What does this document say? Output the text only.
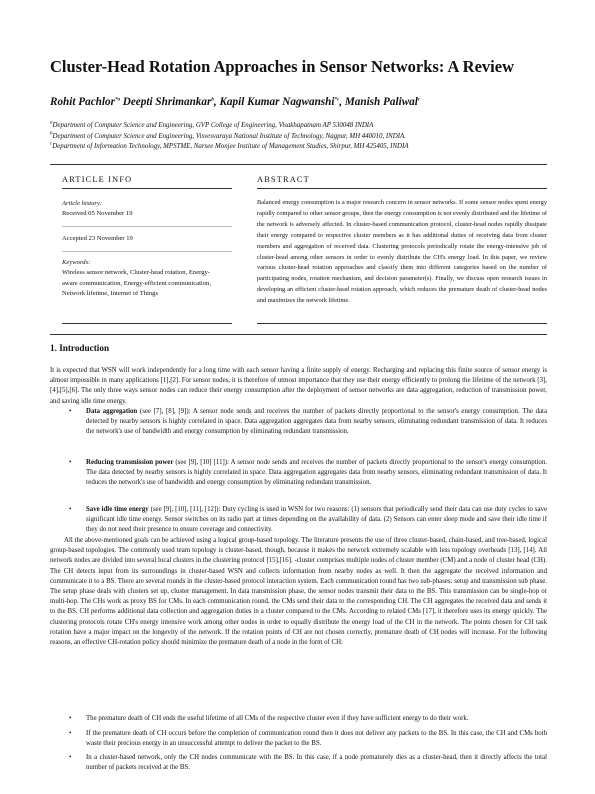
Cluster-Head Rotation Approaches in Sensor Networks: A Review
Rohit Pachlor$^{*a}$ Deepti Shrimankar$^b$, Kapil Kumar Nagwanshi$^{*c}$, Manish Paliwal$^c$
$^a$Department of Computer Science and Engineering, GVP College of Engineering, Visakhapatnam AP 530048 INDIA
$^b$Department of Computer Science and Engineering, Visvesvaraya National Institute of Technology, Nagpur, MH 440010, INDIA.
$^c$Department of Information Technology, MPSTME, Narsee Monjee Institute of Management Studies, Shirpur, MH 425405, INDIA
ARTICLE INFO	ABSTRACT
Article history:
Received 05 November 19
Accepted 23 November 19
Keywords:
Wireless sensor network, Cluster-head rotation, Energy-aware communication, Energy-efficient communication, Network lifetime, Internet of Things
Balanced energy consumption is a major research concern in sensor networks. If some sensor nodes spent energy rapidly compared to other sensor groups, then the energy consumption is not evenly distributed and the lifetime of the network is adversely affected. In cluster-based communication protocol, cluster-head nodes rapidly dissipate their energy compared to respective cluster members as it has additional duties of receiving data from cluster members and aggregation of received data. Clustering protocols periodically rotate the energy-intensive job of cluster-head among other sensors in order to evenly distribute the CH's energy load. In this paper, we review various cluster-head rotation approaches and classify them into different categories based on the number of participating nodes, rotation mechanism, and decision parameter(s). Finally, we discuss open research issues in developing an efficient cluster-head rotation approach, which reduces the premature death of cluster-head nodes and maximizes the network lifetime.
1. Introduction
It is expected that WSN will work independently for a long time with each sensor having a finite supply of energy. Recharging and replacing this finite source of sensor energy is almost impossible in many applications [1],[2]. For sensor nodes, it is therefore of utmost importance that they use their energy efficiently to prolong the lifetime of the network [3],[4],[5],[6]. The only three ways sensor nodes can reduce their energy consumption after the deployment of sensor networks are data aggregation, reduction of transmission power, and saving idle time energy.
• Data aggregation (see [7], [8], [9]): A sensor node sends and receives the number of packets directly proportional to the sensor's energy consumption. The data detected by nearby sensors is highly correlated in space. Data aggregation aggregates data from nearby sensors, eliminating redundant transmission of data. It reduces the network's use of bandwidth and energy consumption by eliminating redundant transmission.
• Reducing transmission power (see [9], [10] [11]): A sensor node sends and receives the number of packets directly proportional to the sensor's energy consumption. The data detected by nearby sensors is highly correlated in space. Data aggregation aggregates data from nearby sensors, eliminating redundant transmission of data. It reduces the network's use of bandwidth and energy consumption by eliminating redundant transmission.
• Save idle time energy (see [9], [10], [11], [12]): Duty cycling is used in WSN for two reasons: (1) sensors that periodically send their data can use duty cycles to save significant idle time energy. Sensor switches on its radio part at times depending on the availability of data. (2) Sensors can enter sleep mode and save their idle time if they do not need their presence to ensure coverage and connectivity.
All the above-mentioned goals can be achieved using a logical group-based topology. The literature presents the use of three cluster-based, chain-based, and tree-based, logical group-based topologies. The commonly used team topology is cluster-based, though, because it makes the network extremely scalable with less topology overheads [13], [14]. All network nodes are divided into several local clusters in the clustering protocol [15],[16]. -cluster comprises multiple nodes of cluster member (CM) and a node of cluster head (CH). The CH detects input from its surroundings in cluster-based WSN and collects information from nearby nodes as well. It then the aggregate the received information and communicate it to a BS. There are several rounds in the cluster-based protocol interaction system. Each communication round has two sub-phases: setup and transmission sub phase. The setup phase deals with clusters set up, cluster management. In data transmission phase, the sensor nodes transmit their data to the BS. This transmission can be single-hop or multi-hop. The CHs work as proxy BS for CMs. In each communication round, the CMs send their data to the corresponding CH. The CH aggregates the received data and sends it to the BS. CH performs additional data collection and aggregation duties in a cluster compared to the CMs. According to related CMs [17], it therefore uses its energy quickly. The clustering protocols rotate CH's energy intensive work among other nodes in order to equally distribute the energy load of the CH in the network. The points chosen for CH task rotation have a major impact on the longevity of the network. If the rotation points of CH are not chosen correctly, premature death of CH nodes will increase. For the following reasons, an effective CH-rotation policy should minimize the premature death of a node in the form of CH:
• The premature death of CH ends the useful lifetime of all CMs of the respective cluster even if they have sufficient energy to do their work.
• If the premature death of CH occurs before the completion of communication round then it does not deliver any packets to the BS. In this case, the CH and CMs both waste their precious energy in an unsuccessful attempt to deliver the packet to the BS.
• In a cluster-based network, only the CH nodes communicate with the BS. In this case, if a node prematurely dies as a cluster-head, then it directly affects the total number of packets received at the BS.
